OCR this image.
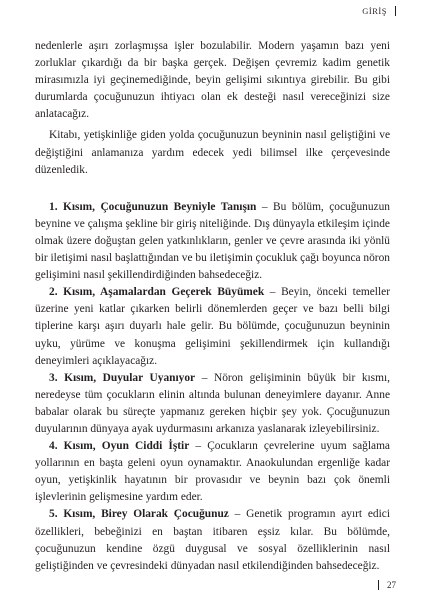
GİRİŞ

nedenlerle aşırı zorlaşmışsa işler bozulabilir. Modern yaşamın bazı yeni zorluklar çıkardığı da bir başka gerçek. Değişen çevremiz kadim genetik mirasımızla iyi geçinemediğinde, beyin gelişimi sıkıntıya girebilir. Bu gibi durumlarda çocuğunuzun ihtiyacı olan ek desteği nasıl vereceğinizi size anlatacağız.

Kitabı, yetişkinliğe giden yolda çocuğunuzun beyninin nasıl geliştiğini ve değiştiğini anlamanıza yardım edecek yedi bilimsel ilke çerçevesinde düzenledik.

1. Kısım, Çocuğunuzun Beyniyle Tanışın – Bu bölüm, çocuğunuzun beynine ve çalışma şekline bir giriş niteliğinde. Dış dünyayla etkileşim içinde olmak üzere doğuştan gelen yatkınlıkların, genler ve çevre arasında iki yönlü bir iletişimi nasıl başlattığından ve bu iletişimin çocukluk çağı boyunca nöron gelişimini nasıl şekillendirdiğinden bahsedeceğiz.

2. Kısım, Aşamalardan Geçerek Büyümek – Beyin, önceki temeller üzerine yeni katlar çıkarken belirli dönemlerden geçer ve bazı belli bilgi tiplerine karşı aşırı duyarlı hale gelir. Bu bölümde, çocuğunuzun beyninin uyku, yürüme ve konuşma gelişimini şekillendirmek için kullandığı deneyimleri açıklayacağız.

3. Kısım, Duyular Uyanıyor – Nöron gelişiminin büyük bir kısmı, neredeyse tüm çocukların elinin altında bulunan deneyimlere dayanır. Anne babalar olarak bu süreçte yapmanız gereken hiçbir şey yok. Çocuğunuzun duyularının dünyaya ayak uydurmasını arkanıza yaslanarak izleyebilirsiniz.

4. Kısım, Oyun Ciddi İştir – Çocukların çevrelerine uyum sağlama yollarının en başta geleni oyun oynamaktır. Anaokulundan ergenliğe kadar oyun, yetişkinlik hayatının bir provasıdır ve beynin bazı çok önemli işlevlerinin gelişmesine yardım eder.

5. Kısım, Birey Olarak Çocuğunuz – Genetik programın ayırt edici özellikleri, bebeğinizi en baştan itibaren eşsiz kılar. Bu bölümde, çocuğunuzun kendine özgü duygusal ve sosyal özelliklerinin nasıl geliştiğinden ve çevresindeki dünyadan nasıl etkilendiğinden bahsedeceğiz.

27
